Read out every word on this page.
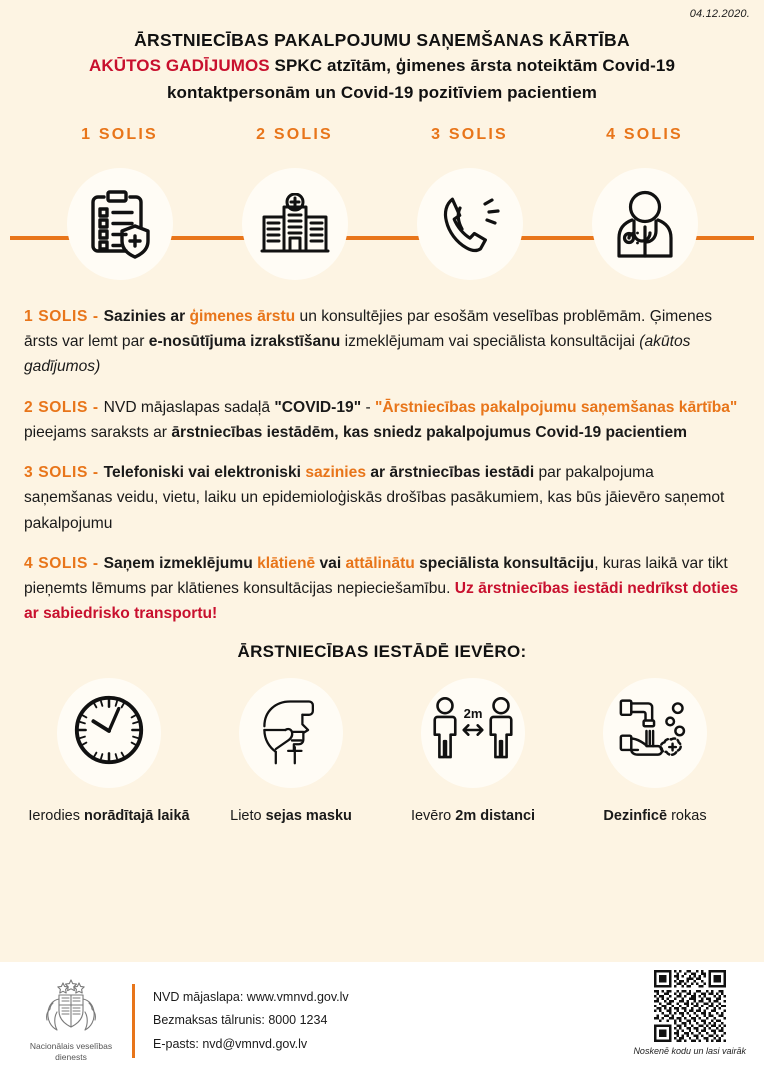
04.12.2020.
ĀRSTNIECĪBAS PAKALPOJUMU SAŅEMŠANAS KĀRTĪBA
AKŪTOS GADĪJUMOS SPKC atzītām, ģimenes ārsta noteiktām Covid-19
kontaktpersonām un Covid-19 pozitīviem pacientiem
1 SOLIS	2 SOLIS	3 SOLIS	4 SOLIS

1 SOLIS - Sazinies ar ģimenes ārstu un konsultējies par esošām veselības problēmām. Ģimenes ārsts var lemt par e-nosūtījuma izrakstīšanu izmeklējumam vai speciālista konsultācijai (akūtos gadījumos)

2 SOLIS - NVD mājaslapas sadaļā "COVID-19" - "Ārstniecības pakalpojumu saņemšanas kārtība" pieejams saraksts ar ārstniecības iestādēm, kas sniedz pakalpojumus Covid-19 pacientiem

3 SOLIS - Telefoniski vai elektroniski sazinies ar ārstniecības iestādi par pakalpojuma saņemšanas veidu, vietu, laiku un epidemioloģiskās drošības pasākumiem, kas būs jāievēro saņemot pakalpojumu

4 SOLIS - Saņem izmeklējumu klātienē vai attālinātu speciālista konsultāciju, kuras laikā var tikt pieņemts lēmums par klātienes konsultācijas nepieciešamību. Uz ārstniecības iestādi nedrīkst doties ar sabiedrisko transportu!

ĀRSTNIECĪBAS IESTĀDĒ IEVĒRO:
Ierodies norādītajā laikā	Lieto sejas masku
2m
Ievēro 2m distanci	Dezinficē rokas
Nacionālais veselības
dienests
NVD mājaslapa: www.vmnvd.gov.lv
Bezmaksas tālrunis: 8000 1234
E-pasts: nvd@vmnvd.gov.lv
Noskenē kodu un lasi vairāk
